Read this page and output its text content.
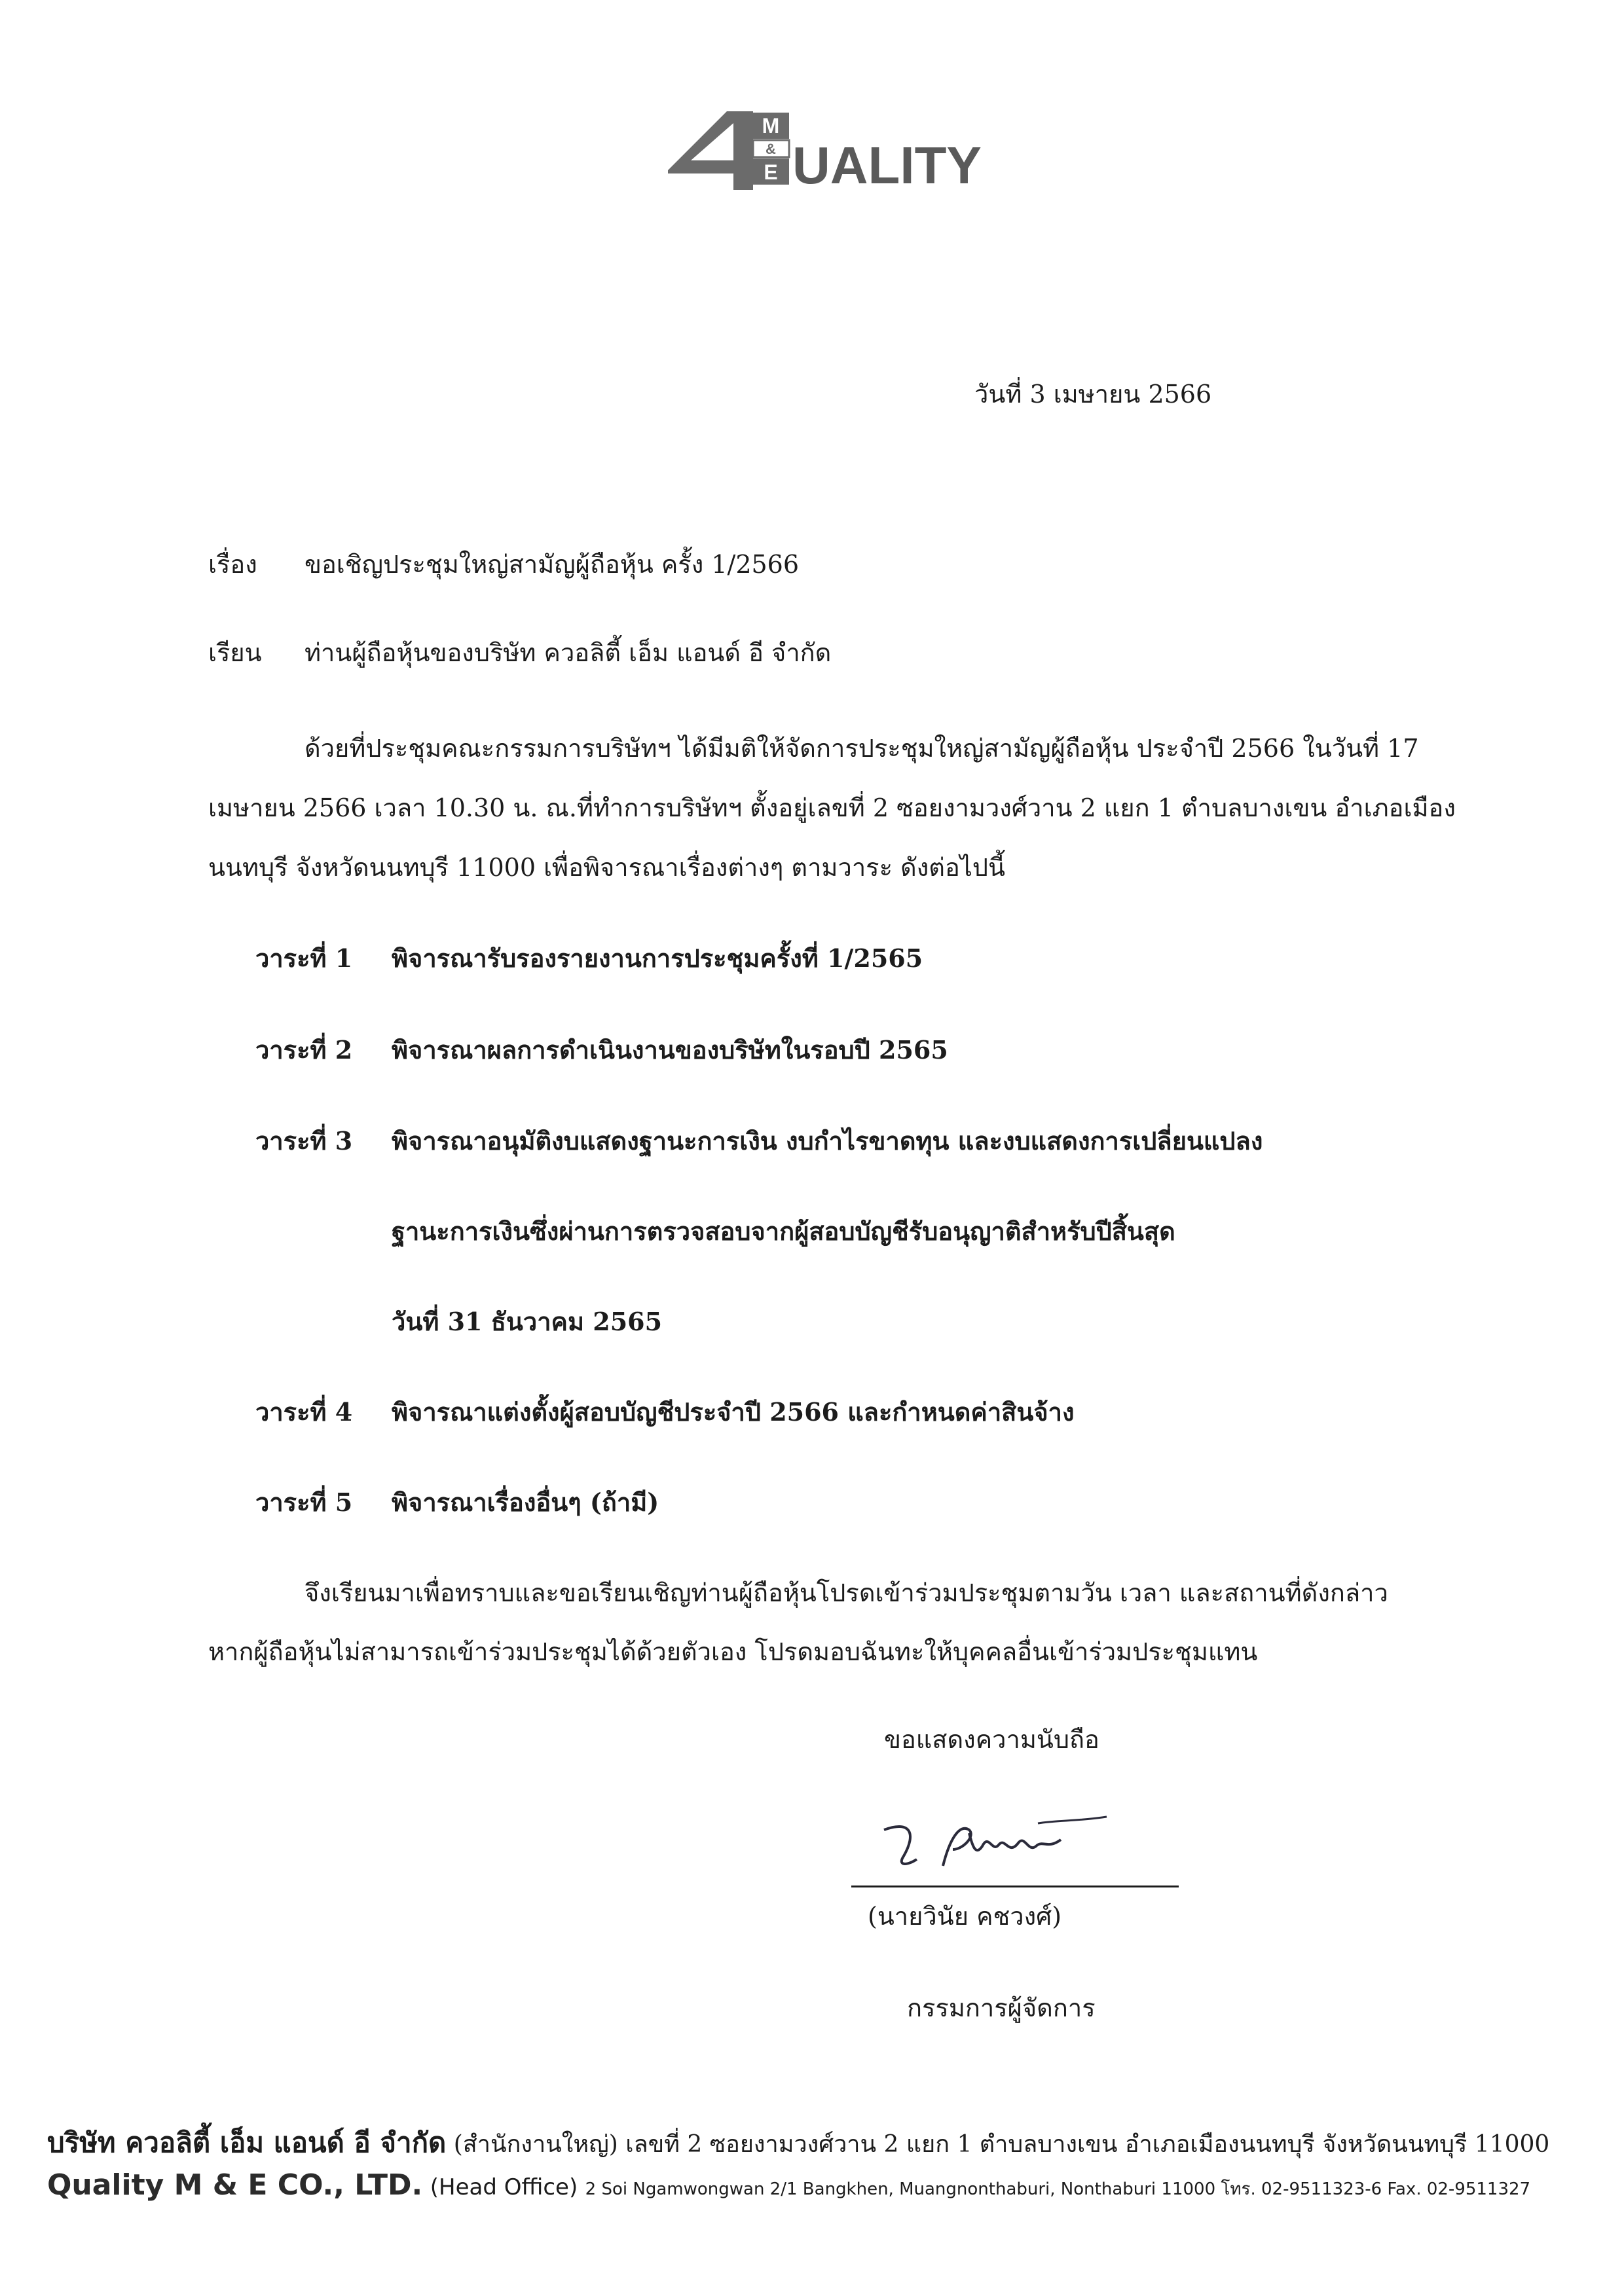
M
&
E UALITY
วันที่ 3 เมษายน 2566
เรื่อง ขอเชิญประชุมใหญ่สามัญผู้ถือหุ้น ครั้ง 1/2566
เรียน ท่านผู้ถือหุ้นของบริษัท ควอลิตี้ เอ็ม แอนด์ อี จำกัด
ด้วยที่ประชุมคณะกรรมการบริษัทฯ ได้มีมติให้จัดการประชุมใหญ่สามัญผู้ถือหุ้น ประจำปี 2566 ในวันที่ 17
เมษายน 2566 เวลา 10.30 น. ณ.ที่ทำการบริษัทฯ ตั้งอยู่เลขที่ 2 ซอยงามวงศ์วาน 2 แยก 1 ตำบลบางเขน อำเภอเมือง
นนทบุรี จังหวัดนนทบุรี 11000 เพื่อพิจารณาเรื่องต่างๆ ตามวาระ ดังต่อไปนี้
วาระที่ 1 พิจารณารับรองรายงานการประชุมครั้งที่ 1/2565
วาระที่ 2 พิจารณาผลการดำเนินงานของบริษัทในรอบปี 2565
วาระที่ 3 พิจารณาอนุมัติงบแสดงฐานะการเงิน งบกำไรขาดทุน และงบแสดงการเปลี่ยนแปลง
ฐานะการเงินซึ่งผ่านการตรวจสอบจากผู้สอบบัญชีรับอนุญาติสำหรับปีสิ้นสุด
วันที่ 31 ธันวาคม 2565
วาระที่ 4 พิจารณาแต่งตั้งผู้สอบบัญชีประจำปี 2566 และกำหนดค่าสินจ้าง
วาระที่ 5 พิจารณาเรื่องอื่นๆ (ถ้ามี)
จึงเรียนมาเพื่อทราบและขอเรียนเชิญท่านผู้ถือหุ้นโปรดเข้าร่วมประชุมตามวัน เวลา และสถานที่ดังกล่าว
หากผู้ถือหุ้นไม่สามารถเข้าร่วมประชุมได้ด้วยตัวเอง โปรดมอบฉันทะให้บุคคลอื่นเข้าร่วมประชุมแทน
ขอแสดงความนับถือ
(นายวินัย คชวงศ์)
กรรมการผู้จัดการ
บริษัท ควอลิตี้ เอ็ม แอนด์ อี จำกัด (สำนักงานใหญ่) เลขที่ 2 ซอยงามวงศ์วาน 2 แยก 1 ตำบลบางเขน อำเภอเมืองนนทบุรี จังหวัดนนทบุรี 11000
Quality M & E CO., LTD. (Head Office) 2 Soi Ngamwongwan 2/1 Bangkhen, Muangnonthaburi, Nonthaburi 11000 โทร. 02-9511323-6 Fax. 02-9511327
